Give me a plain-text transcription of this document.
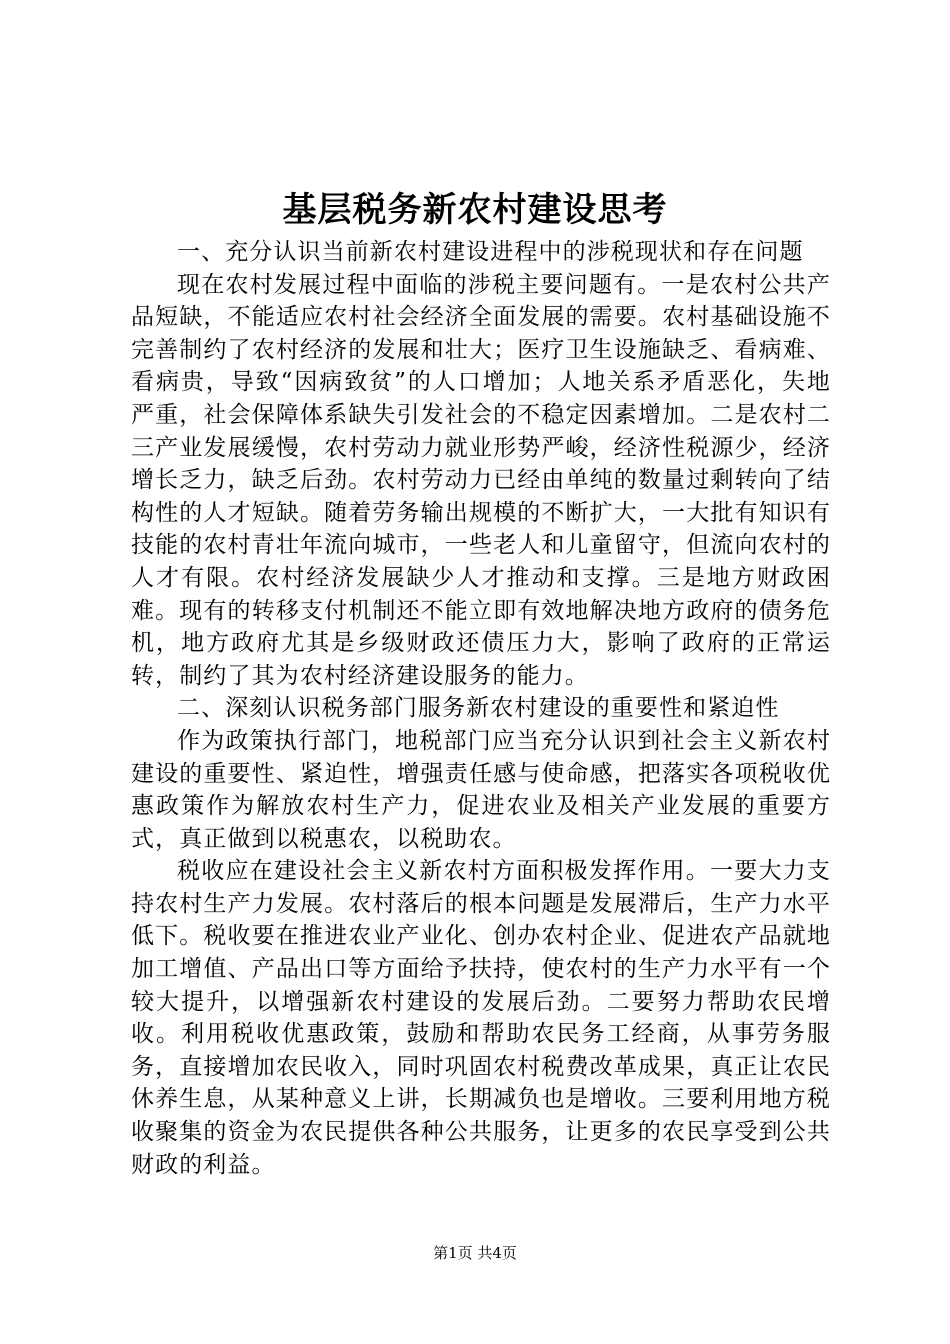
基层税务新农村建设思考

一、充分认识当前新农村建设进程中的涉税现状和存在问题

现在农村发展过程中面临的涉税主要问题有。一是农村公共产品短缺，不能适应农村社会经济全面发展的需要。农村基础设施不完善制约了农村经济的发展和壮大；医疗卫生设施缺乏、看病难、看病贵，导致“因病致贫”的人口增加；人地关系矛盾恶化，失地严重，社会保障体系缺失引发社会的不稳定因素增加。二是农村二三产业发展缓慢，农村劳动力就业形势严峻，经济性税源少，经济增长乏力，缺乏后劲。农村劳动力已经由单纯的数量过剩转向了结构性的人才短缺。随着劳务输出规模的不断扩大，一大批有知识有技能的农村青壮年流向城市，一些老人和儿童留守，但流向农村的人才有限。农村经济发展缺少人才推动和支撑。三是地方财政困难。现有的转移支付机制还不能立即有效地解决地方政府的债务危机，地方政府尤其是乡级财政还债压力大，影响了政府的正常运转，制约了其为农村经济建设服务的能力。

二、深刻认识税务部门服务新农村建设的重要性和紧迫性

作为政策执行部门，地税部门应当充分认识到社会主义新农村建设的重要性、紧迫性，增强责任感与使命感，把落实各项税收优惠政策作为解放农村生产力，促进农业及相关产业发展的重要方式，真正做到以税惠农，以税助农。

税收应在建设社会主义新农村方面积极发挥作用。一要大力支持农村生产力发展。农村落后的根本问题是发展滞后，生产力水平低下。税收要在推进农业产业化、创办农村企业、促进农产品就地加工增值、产品出口等方面给予扶持，使农村的生产力水平有一个较大提升，以增强新农村建设的发展后劲。二要努力帮助农民增收。利用税收优惠政策，鼓励和帮助农民务工经商，从事劳务服务，直接增加农民收入，同时巩固农村税费改革成果，真正让农民休养生息，从某种意义上讲，长期减负也是增收。三要利用地方税收聚集的资金为农民提供各种公共服务，让更多的农民享受到公共财政的利益。

第1页 共4页
